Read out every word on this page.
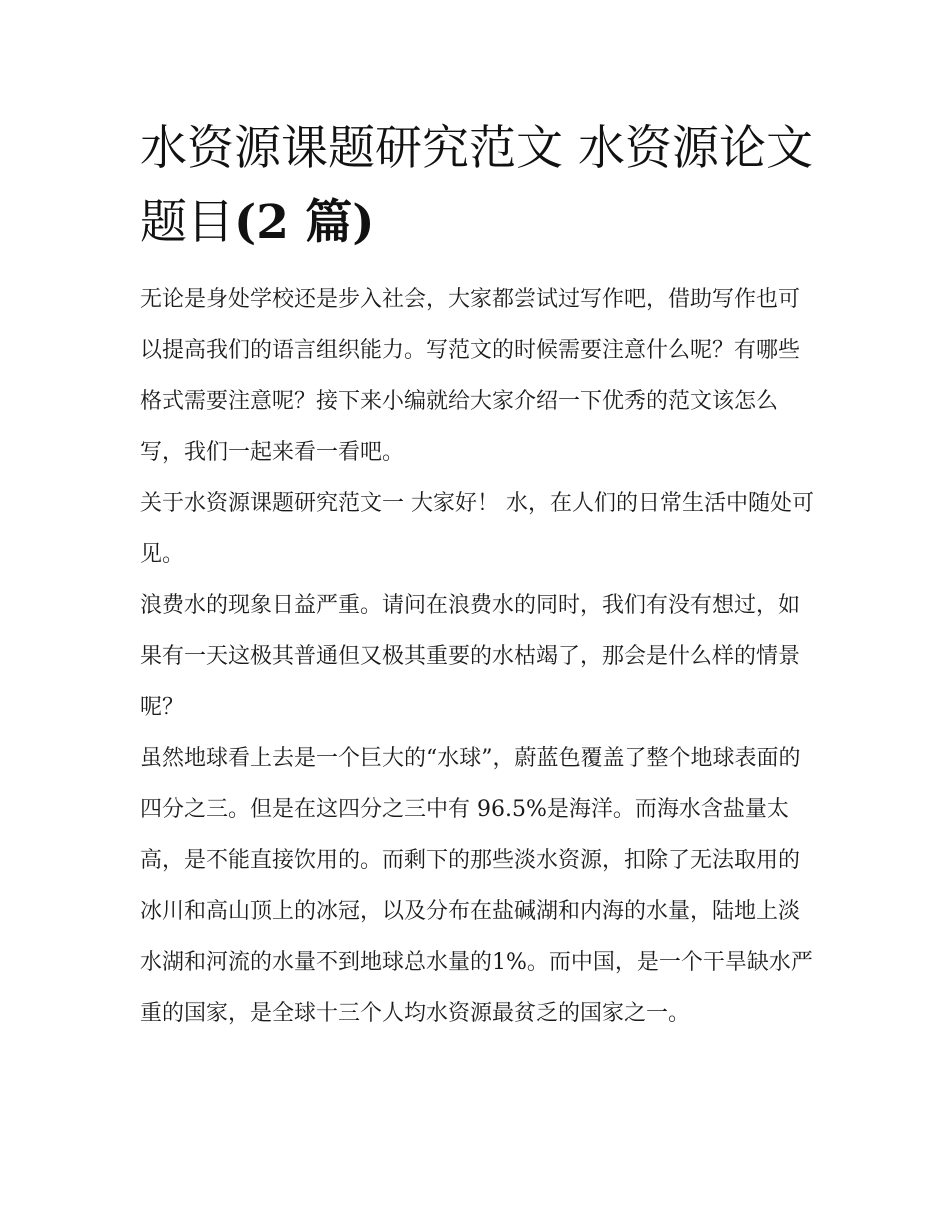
水资源课题研究范文 水资源论文题目(2 篇)

无论是身处学校还是步入社会，大家都尝试过写作吧，借助写作也可以提高我们的语言组织能力。写范文的时候需要注意什么呢？有哪些格式需要注意呢？接下来小编就给大家介绍一下优秀的范文该怎么写，我们一起来看一看吧。

关于水资源课题研究范文一 大家好！ 水，在人们的日常生活中随处可见。

浪费水的现象日益严重。请问在浪费水的同时，我们有没有想过，如果有一天这极其普通但又极其重要的水枯竭了，那会是什么样的情景呢？

虽然地球看上去是一个巨大的“水球”，蔚蓝色覆盖了整个地球表面的四分之三。但是在这四分之三中有 96.5%是海洋。而海水含盐量太高，是不能直接饮用的。而剩下的那些淡水资源，扣除了无法取用的冰川和高山顶上的冰冠，以及分布在盐碱湖和内海的水量，陆地上淡水湖和河流的水量不到地球总水量的1%。而中国，是一个干旱缺水严重的国家，是全球十三个人均水资源最贫乏的国家之一。
